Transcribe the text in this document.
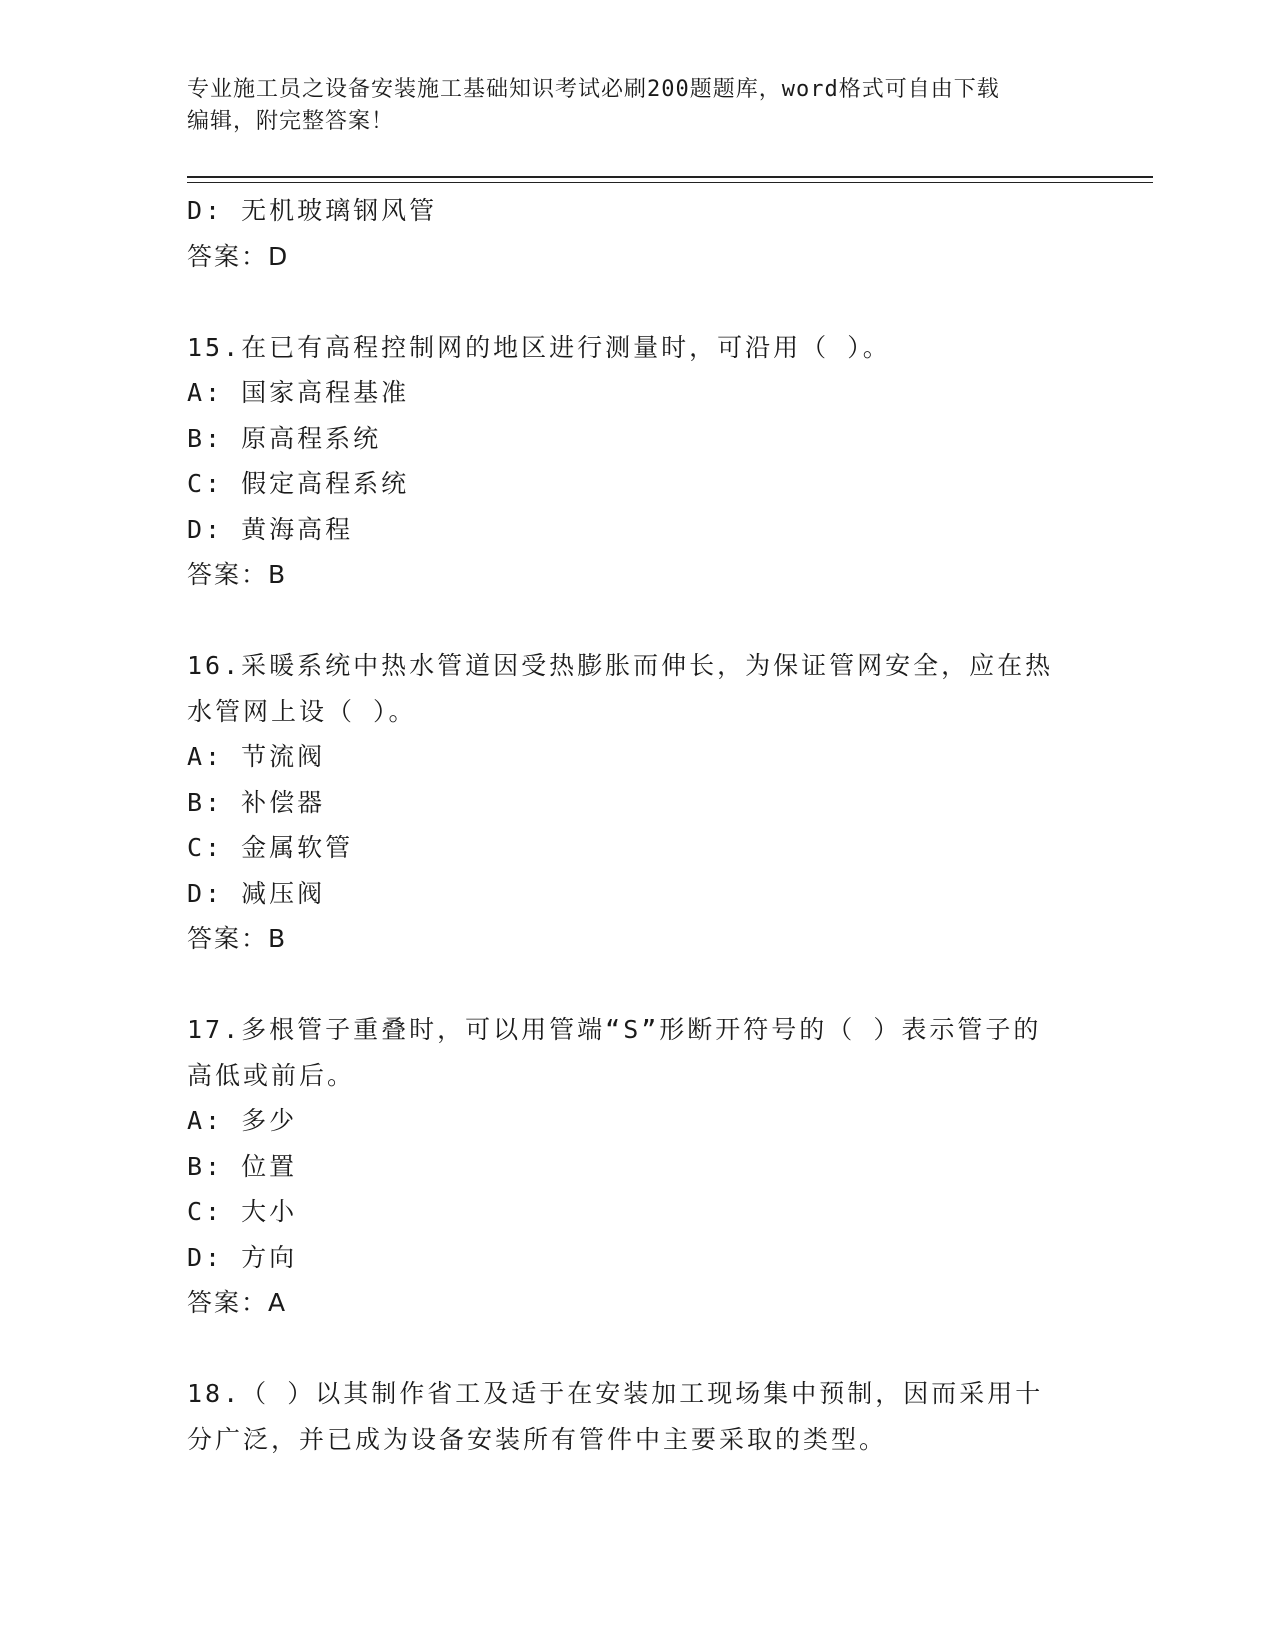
专业施工员之设备安装施工基础知识考试必刷200题题库，word格式可自由下载
编辑，附完整答案！
D: 无机玻璃钢风管
答案：D
15.在已有高程控制网的地区进行测量时，可沿用（ ）。
A: 国家高程基准
B: 原高程系统
C: 假定高程系统
D: 黄海高程
答案：B
16.采暖系统中热水管道因受热膨胀而伸长，为保证管网安全，应在热
水管网上设（ ）。
A: 节流阀
B: 补偿器
C: 金属软管
D: 减压阀
答案：B
17.多根管子重叠时，可以用管端“S”形断开符号的（ ）表示管子的
高低或前后。
A: 多少
B: 位置
C: 大小
D: 方向
答案：A
18.（ ）以其制作省工及适于在安装加工现场集中预制，因而采用十
分广泛，并已成为设备安装所有管件中主要采取的类型。
